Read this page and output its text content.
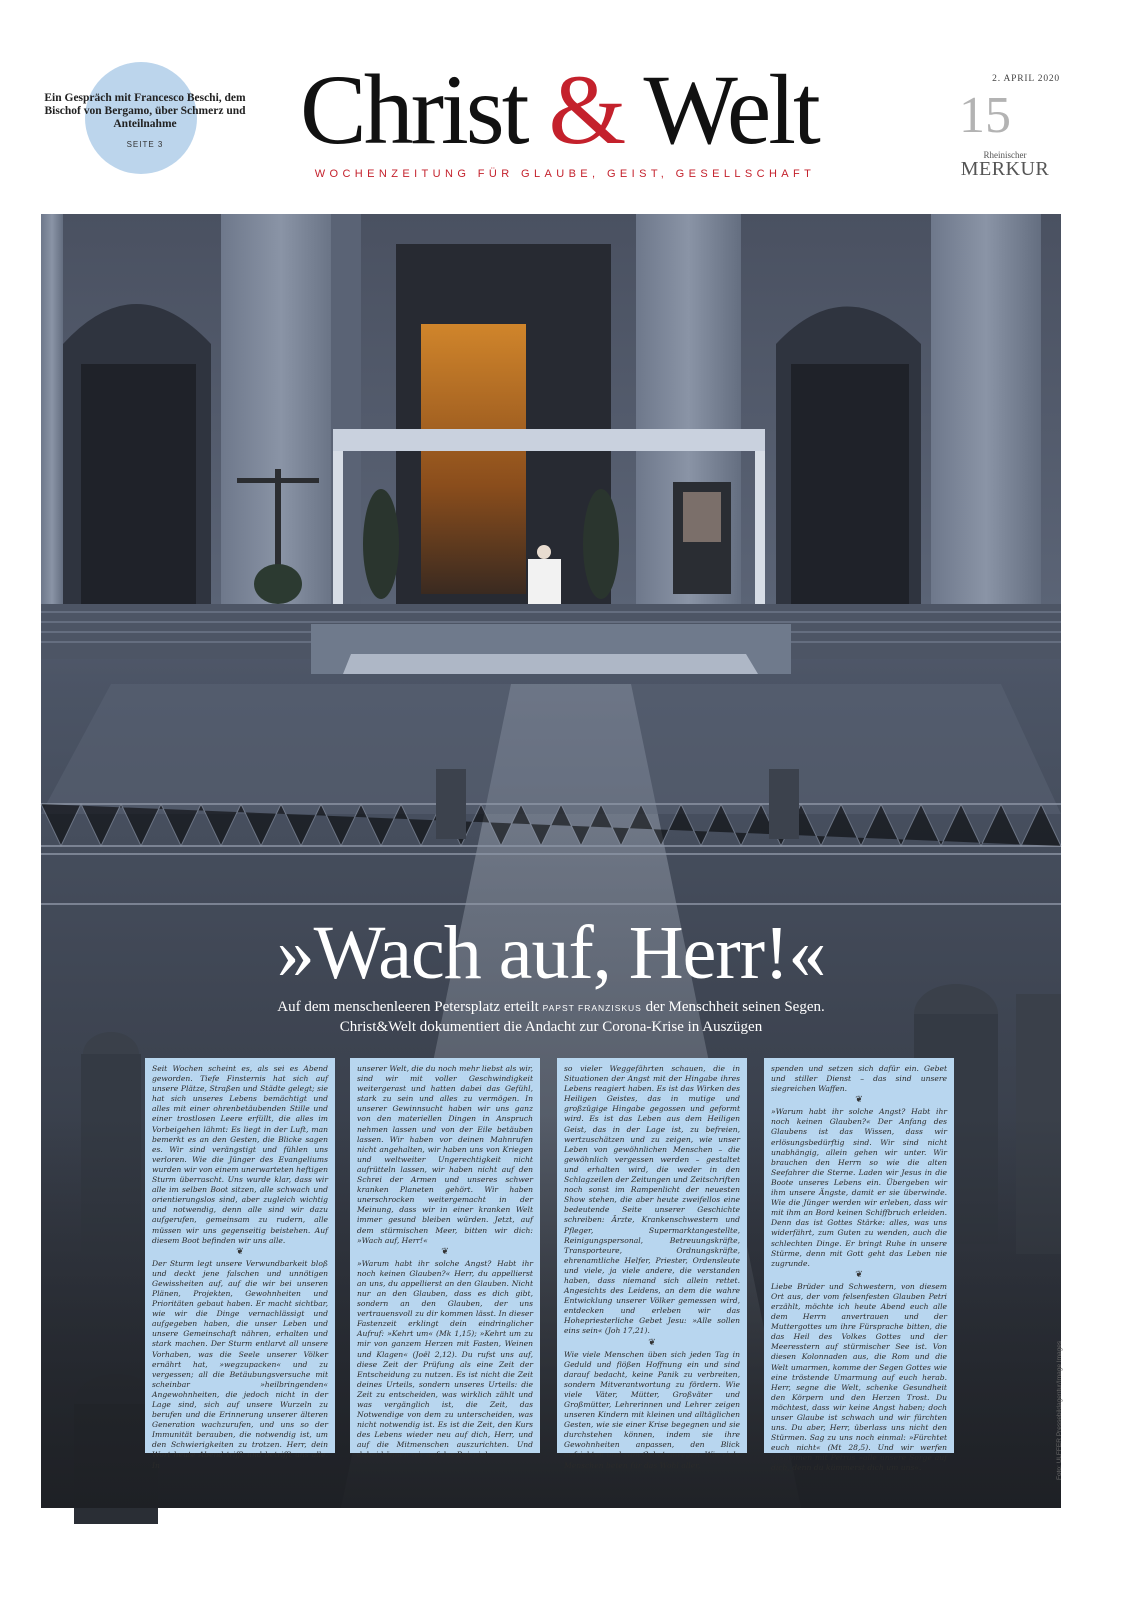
Ein Gespräch mit Francesco Beschi, dem Bischof von Bergamo, über Schmerz und Anteilnahme
SEITE 3	Christ & Welt
WOCHENZEITUNG FÜR GLAUBE, GEIST, GESELLSCHAFT
2. APRIL 2020
15
Rheinischer
MERKUR
Foto: ULFFER Pressebildagentur/Image Images
»Wach auf, Herr!«
Auf dem menschenleeren Petersplatz erteilt PAPST FRANZISKUS der Menschheit seinen Segen.
Christ&Welt dokumentiert die Andacht zur Corona-Krise in Auszügen

Seit Wochen scheint es, als sei es Abend geworden. Tiefe Finsternis hat sich auf unsere Plätze, Straßen und Städte gelegt; sie hat sich unseres Lebens bemächtigt und alles mit einer ohrenbetäubenden Stille und einer trostlosen Leere erfüllt, die alles im Vorbeigehen lähmt: Es liegt in der Luft, man bemerkt es an den Gesten, die Blicke sagen es. Wir sind verängstigt und fühlen uns verloren. Wie die Jünger des Evangeliums wurden wir von einem unerwarteten heftigen Sturm überrascht. Uns wurde klar, dass wir alle im selben Boot sitzen, alle schwach und orientierungslos sind, aber zugleich wichtig und notwendig, denn alle sind wir dazu aufgerufen, gemeinsam zu rudern, alle müssen wir uns gegenseitig beistehen. Auf diesem Boot befinden wir uns alle.

❦

Der Sturm legt unsere Verwundbarkeit bloß und deckt jene falschen und unnötigen Gewissheiten auf, auf die wir bei unseren Plänen, Projekten, Gewohnheiten und Prioritäten gebaut haben. Er macht sichtbar, wie wir die Dinge vernachlässigt und aufgegeben haben, die unser Leben und unsere Gemeinschaft nähren, erhalten und stark machen. Der Sturm entlarvt all unsere Vorhaben, was die Seele unserer Völker ernährt hat, »wegzupacken« und zu vergessen; all die Betäubungsversuche mit scheinbar »heilbringenden« Angewohnheiten, die jedoch nicht in der Lage sind, sich auf unsere Wurzeln zu berufen und die Erinnerung unserer älteren Generation wachzurufen, und uns so der Immunität berauben, die notwendig ist, um den Schwierigkeiten zu trotzen. Herr, dein Wort heute Abend trifft und betrifft uns alle. In

unserer Welt, die du noch mehr liebst als wir, sind wir mit voller Geschwindigkeit weitergerast und hatten dabei das Gefühl, stark zu sein und alles zu vermögen. In unserer Gewinnsucht haben wir uns ganz von den materiellen Dingen in Anspruch nehmen lassen und von der Eile betäuben lassen. Wir haben vor deinen Mahnrufen nicht angehalten, wir haben uns von Kriegen und weltweiter Ungerechtigkeit nicht aufrütteln lassen, wir haben nicht auf den Schrei der Armen und unseres schwer kranken Planeten gehört. Wir haben unerschrocken weitergemacht in der Meinung, dass wir in einer kranken Welt immer gesund bleiben würden. Jetzt, auf dem stürmischen Meer, bitten wir dich: »Wach auf, Herr!«

❦

»Warum habt ihr solche Angst? Habt ihr noch keinen Glauben?« Herr, du appellierst an uns, du appellierst an den Glauben. Nicht nur an den Glauben, dass es dich gibt, sondern an den Glauben, der uns vertrauensvoll zu dir kommen lässt. In dieser Fastenzeit erklingt dein eindringlicher Aufruf: »Kehrt um« (Mk 1,15); »Kehrt um zu mir von ganzem Herzen mit Fasten, Weinen und Klagen« (Joël 2,12). Du rufst uns auf, diese Zeit der Prüfung als eine Zeit der Entscheidung zu nutzen. Es ist nicht die Zeit deines Urteils, sondern unseres Urteils: die Zeit zu entscheiden, was wirklich zählt und was vergänglich ist, die Zeit, das Notwendige von dem zu unterscheiden, was nicht notwendig ist. Es ist die Zeit, den Kurs des Lebens wieder neu auf dich, Herr, und auf die Mitmenschen auszurichten. Und dabei können wir auf das Beispiel

so vieler Weggefährten schauen, die in Situationen der Angst mit der Hingabe ihres Lebens reagiert haben. Es ist das Wirken des Heiligen Geistes, das in mutige und großzügige Hingabe gegossen und geformt wird. Es ist das Leben aus dem Heiligen Geist, das in der Lage ist, zu befreien, wertzuschätzen und zu zeigen, wie unser Leben von gewöhnlichen Menschen – die gewöhnlich vergessen werden – gestaltet und erhalten wird, die weder in den Schlagzeilen der Zeitungen und Zeitschriften noch sonst im Rampenlicht der neuesten Show stehen, die aber heute zweifellos eine bedeutende Seite unserer Geschichte schreiben: Ärzte, Krankenschwestern und Pfleger, Supermarktangestellte, Reinigungspersonal, Betreuungskräfte, Transporteure, Ordnungskräfte, ehrenamtliche Helfer, Priester, Ordensleute und viele, ja viele andere, die verstanden haben, dass niemand sich allein rettet. Angesichts des Leidens, an dem die wahre Entwicklung unserer Völker gemessen wird, entdecken und erleben wir das Hohepriesterliche Gebet Jesu: »Alle sollen eins sein« (Joh 17,21).

❦

Wie viele Menschen üben sich jeden Tag in Geduld und flößen Hoffnung ein und sind darauf bedacht, keine Panik zu verbreiten, sondern Mitverantwortung zu fördern. Wie viele Väter, Mütter, Großväter und Großmütter, Lehrerinnen und Lehrer zeigen unseren Kindern mit kleinen und alltäglichen Gesten, wie sie einer Krise begegnen und sie durchstehen können, indem sie ihre Gewohnheiten anpassen, den Blick aufrichten und zum Gebet anregen. Wie viele Menschen beten für das Wohl aller,

spenden und setzen sich dafür ein. Gebet und stiller Dienst – das sind unsere siegreichen Waffen.

❦

»Warum habt ihr solche Angst? Habt ihr noch keinen Glauben?« Der Anfang des Glaubens ist das Wissen, dass wir erlösungsbedürftig sind. Wir sind nicht unabhängig, allein gehen wir unter. Wir brauchen den Herrn so wie die alten Seefahrer die Sterne. Laden wir Jesus in die Boote unseres Lebens ein. Übergeben wir ihm unsere Ängste, damit er sie überwinde. Wie die Jünger werden wir erleben, dass wir mit ihm an Bord keinen Schiffbruch erleiden. Denn das ist Gottes Stärke: alles, was uns widerfährt, zum Guten zu wenden, auch die schlechten Dinge. Er bringt Ruhe in unsere Stürme, denn mit Gott geht das Leben nie zugrunde.

❦

Liebe Brüder und Schwestern, von diesem Ort aus, der vom felsenfesten Glauben Petri erzählt, möchte ich heute Abend euch alle dem Herrn anvertrauen und der Muttergottes um ihre Fürsprache bitten, die das Heil des Volkes Gottes und der Meeresstern auf stürmischer See ist. Von diesen Kolonnaden aus, die Rom und die Welt umarmen, komme der Segen Gottes wie eine tröstende Umarmung auf euch herab. Herr, segne die Welt, schenke Gesundheit den Körpern und den Herzen Trost. Du möchtest, dass wir keine Angst haben; doch unser Glaube ist schwach und wir fürchten uns. Du aber, Herr, überlass uns nicht den Stürmen. Sag zu uns noch einmal: »Fürchtet euch nicht« (Mt 28,5). Und wir werfen zusammen mit Petrus »alle unsere Sorge auf dich, denn du kümmerst dich um uns«.
